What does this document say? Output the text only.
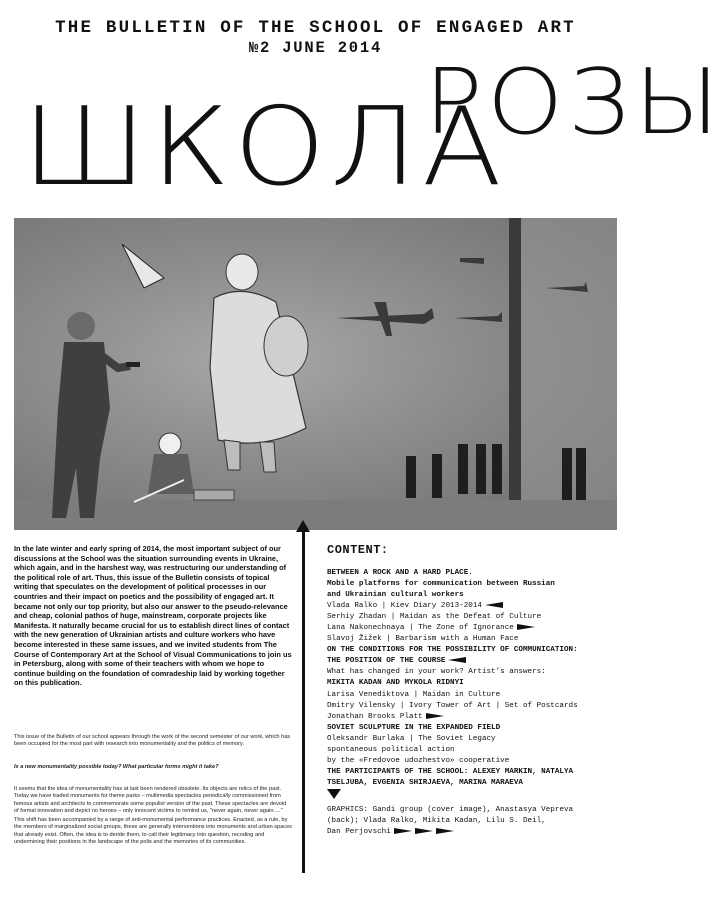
THE BULLETIN OF THE SCHOOL OF ENGAGED ART
№2 JUNE 2014
ШКОЛА
РОЗЫ
In the late winter and early spring of 2014, the most important subject of our discussions at the School was the situation surrounding events in Ukraine, which again, and in the harshest way, was restructuring our understanding of the political role of art. Thus, this issue of the Bulletin consists of topical writing that speculates on the development of political processes in our countries and their impact on poetics and the possibility of engaged art. It became not only our top priority, but also our answer to the pseudo-relevance and cheap, colonial pathos of huge, mainstream, corporate projects like Manifesta. It naturally became crucial for us to establish direct lines of contact with the new generation of Ukrainian artists and culture workers who have become interested in these same issues, and we invited students from The Course of Contemporary Art at the School of Visual Communications to join us in Petersburg, along with some of their teachers with whom we hope to continue building on the foundation of comradeship laid by working together on this publication.
This issue of the Bulletin of our school appears through the work of the second semester of our work, which has been occupied for the most part with research into monumentality and the politics of memory.
Is a new monumentality possible today? What particular forms might it take?
It seems that the idea of monumentality has at last been rendered obsolete. Its objects are relics of the past. Today we have traded monuments for theme parks – multimedia spectacles periodically commissioned from famous artists and architects to commemorate some populist version of the past. These spectacles are devoid of formal innovation and depict no heroes – only innocent victims to remind us, "never again, never again…."
This shift has been accompanied by a range of anti-monumental performance practices. Enacted, as a rule, by the members of marginalized social groups, these are generally interventions into monuments and urban spaces that already exist. Often, the idea is to deride them, to call their legitimacy into question, recoding and undermining their positions in the landscape of the polis and the memories of its communities.
CONTENT:
BETWEEN A ROCK AND A HARD PLACE.
Mobile platforms for communication between Russian
and Ukrainian cultural workers
Vlada Ralko | Kiev Diary 2013-2014
Serhiy Zhadan | Maidan as the Defeat of Culture
Lana Nakonechnaya | The Zone of Ignorance
Slavoj Žižek | Barbarism with a Human Face
ON THE CONDITIONS FOR THE POSSIBILITY OF COMMUNICATION:
THE POSITION OF THE COURSE
What has changed in your work? Artist’s answers:
MIKITA KADAN AND MYKOLA RIDNYI
Larisa Venediktova | Maidan in Culture
Dmitry Vilensky | Ivory Tower of Art | Set of Postcards
Jonathan Brooks Platt
SOVIET SCULPTURE IN THE EXPANDED FIELD
Oleksandr Burlaka | The Soviet Legacy
spontaneous political action
by the «Fredovoe udozhestvo» cooperative
THE PARTICIPANTS OF THE SCHOOL: ALEXEY MARKIN, NATALYA
TSELJUBA, EVGENIA SHIRJAEVA, MARINA MARAEVA
GRAPHICS: Gandi group (cover image), Anastasya Vepreva
(back); Vlada Ralko, Mikita Kadan, Lilu S. Deil,
Dan Perjovschi
